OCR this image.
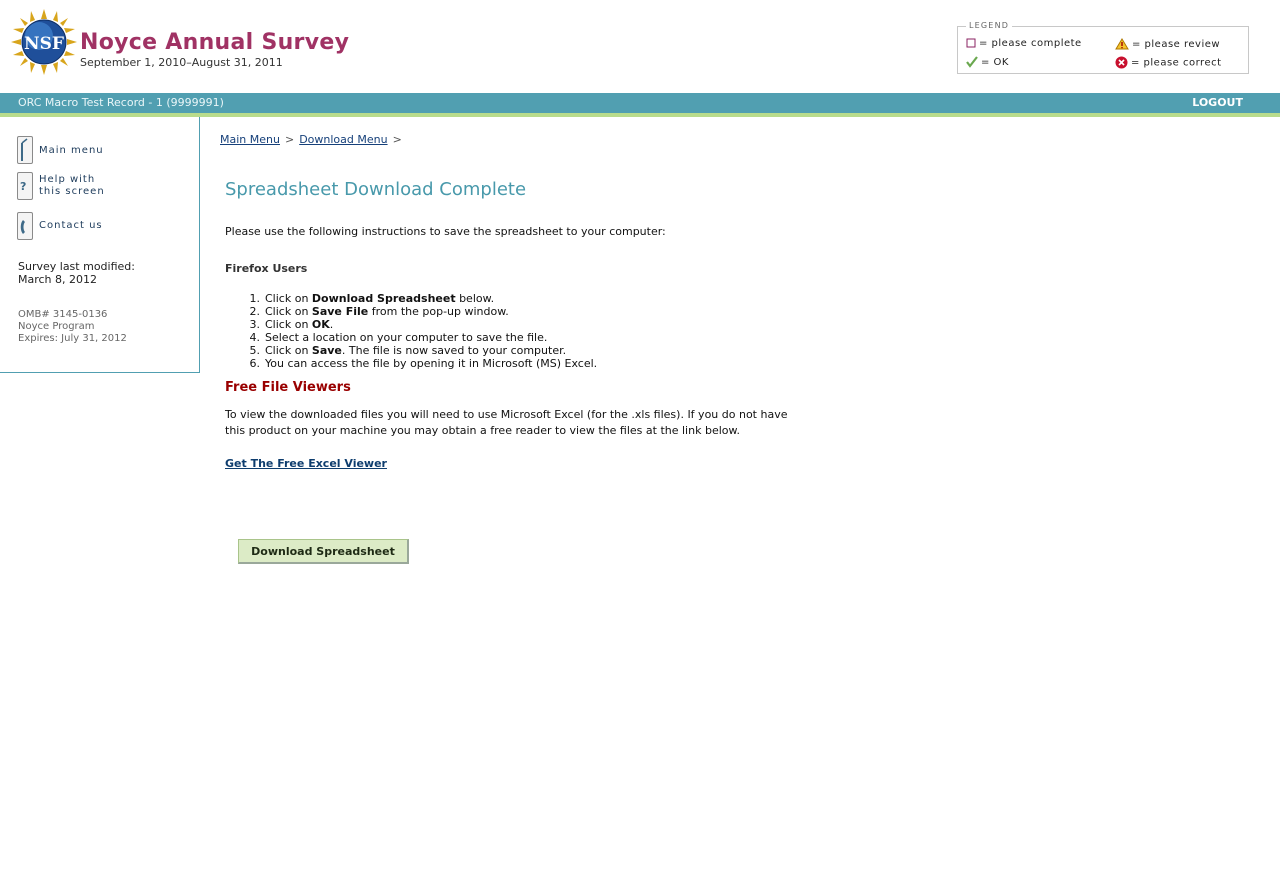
NSF Noyce Annual Survey
September 1, 2010–August 31, 2011
LEGEND
= please complete	= please review
= OK	= please correct
ORC Macro Test Record - 1 (9999991)	LOGOUT
Main menu
?
Help with
this screen
Contact us
Survey last modified:
March 8, 2012
OMB# 3145-0136
Noyce Program
Expires: July 31, 2012
Main Menu > Download Menu >
Spreadsheet Download Complete
Please use the following instructions to save the spreadsheet to your computer:
Firefox Users
1. Click on Download Spreadsheet below.
2. Click on Save File from the pop-up window.
3. Click on OK.
4. Select a location on your computer to save the file.
5. Click on Save. The file is now saved to your computer.
6. You can access the file by opening it in Microsoft (MS) Excel.
Free File Viewers
To view the downloaded files you will need to use Microsoft Excel (for the .xls files). If you do not have this product on your machine you may obtain a free reader to view the files at the link below.
Get The Free Excel Viewer
Download Spreadsheet
